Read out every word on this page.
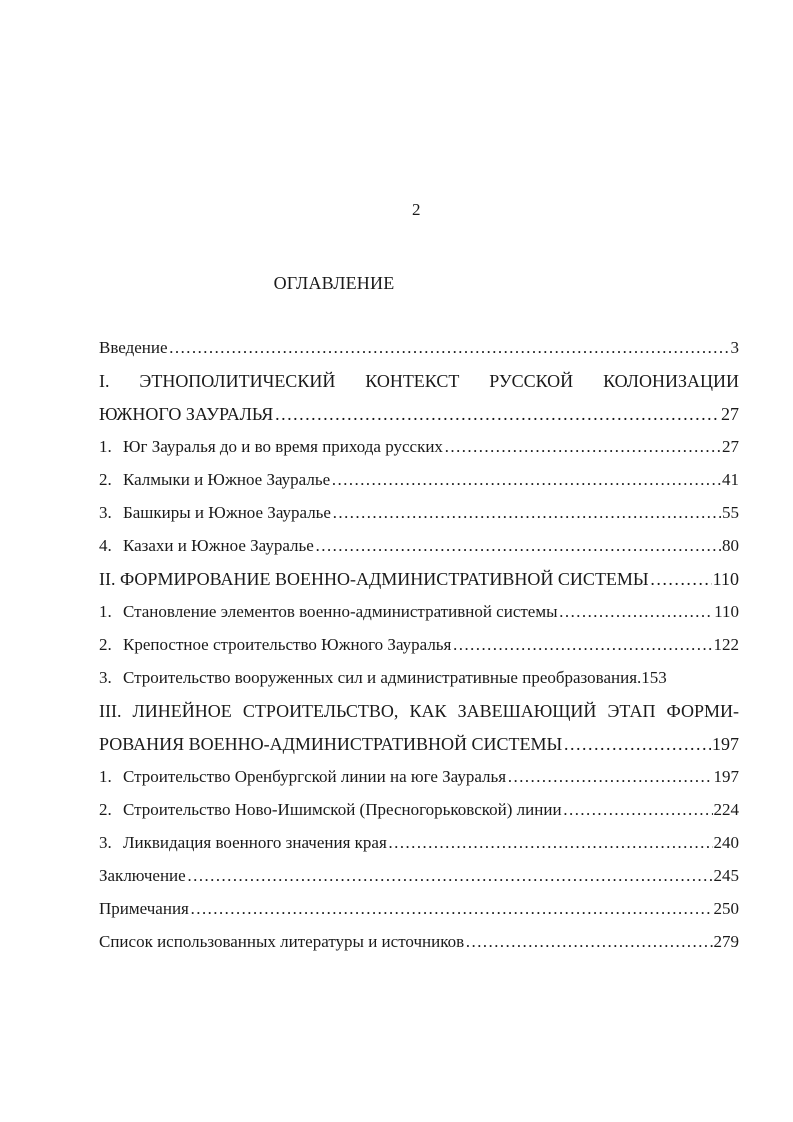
2
ОГЛАВЛЕНИЕ
Введение …………………………………………………………………………………………………………………………………………………………………	3
I. ЭТНОПОЛИТИЧЕСКИЙ КОНТЕКСТ РУССКОЙ КОЛОНИЗАЦИИ
ЮЖНОГО ЗАУРАЛЬЯ …………………………………………………………………………………………………………………………………………………………………	27
1. Юг Зауралья до и во время прихода русских …………………………………………………………………………………………………………………………………………………………………	27
2. Калмыки и Южное Зауралье …………………………………………………………………………………………………………………………………………………………………	41
3. Башкиры и Южное Зауралье …………………………………………………………………………………………………………………………………………………………………	55
4. Казахи и Южное Зауралье …………………………………………………………………………………………………………………………………………………………………	80
II. ФОРМИРОВАНИЕ ВОЕННО-АДМИНИСТРАТИВНОЙ СИСТЕМЫ …………………………………………………………………………………………………………………………………………………………………	110
1. Становление элементов военно-административной системы …………………………………………………………………………………………………………………………………………………………………	110
2. Крепостное строительство Южного Зауралья …………………………………………………………………………………………………………………………………………………………………	122
3. Строительство вооруженных сил и административные преобразования. 153
III. ЛИНЕЙНОЕ СТРОИТЕЛЬСТВО, КАК ЗАВЕШАЮЩИЙ ЭТАП ФОРМИ-
РОВАНИЯ ВОЕННО-АДМИНИСТРАТИВНОЙ СИСТЕМЫ …………………………………………………………………………………………………………………………………………………………………	197
1. Строительство Оренбургской линии на юге Зауралья …………………………………………………………………………………………………………………………………………………………………	197
2. Строительство Ново-Ишимской (Пресногорьковской) линии …………………………………………………………………………………………………………………………………………………………………	224
3. Ликвидация военного значения края …………………………………………………………………………………………………………………………………………………………………	240
Заключение …………………………………………………………………………………………………………………………………………………………………	245
Примечания …………………………………………………………………………………………………………………………………………………………………	250
Список использованных литературы и источников …………………………………………………………………………………………………………………………………………………………………	279
